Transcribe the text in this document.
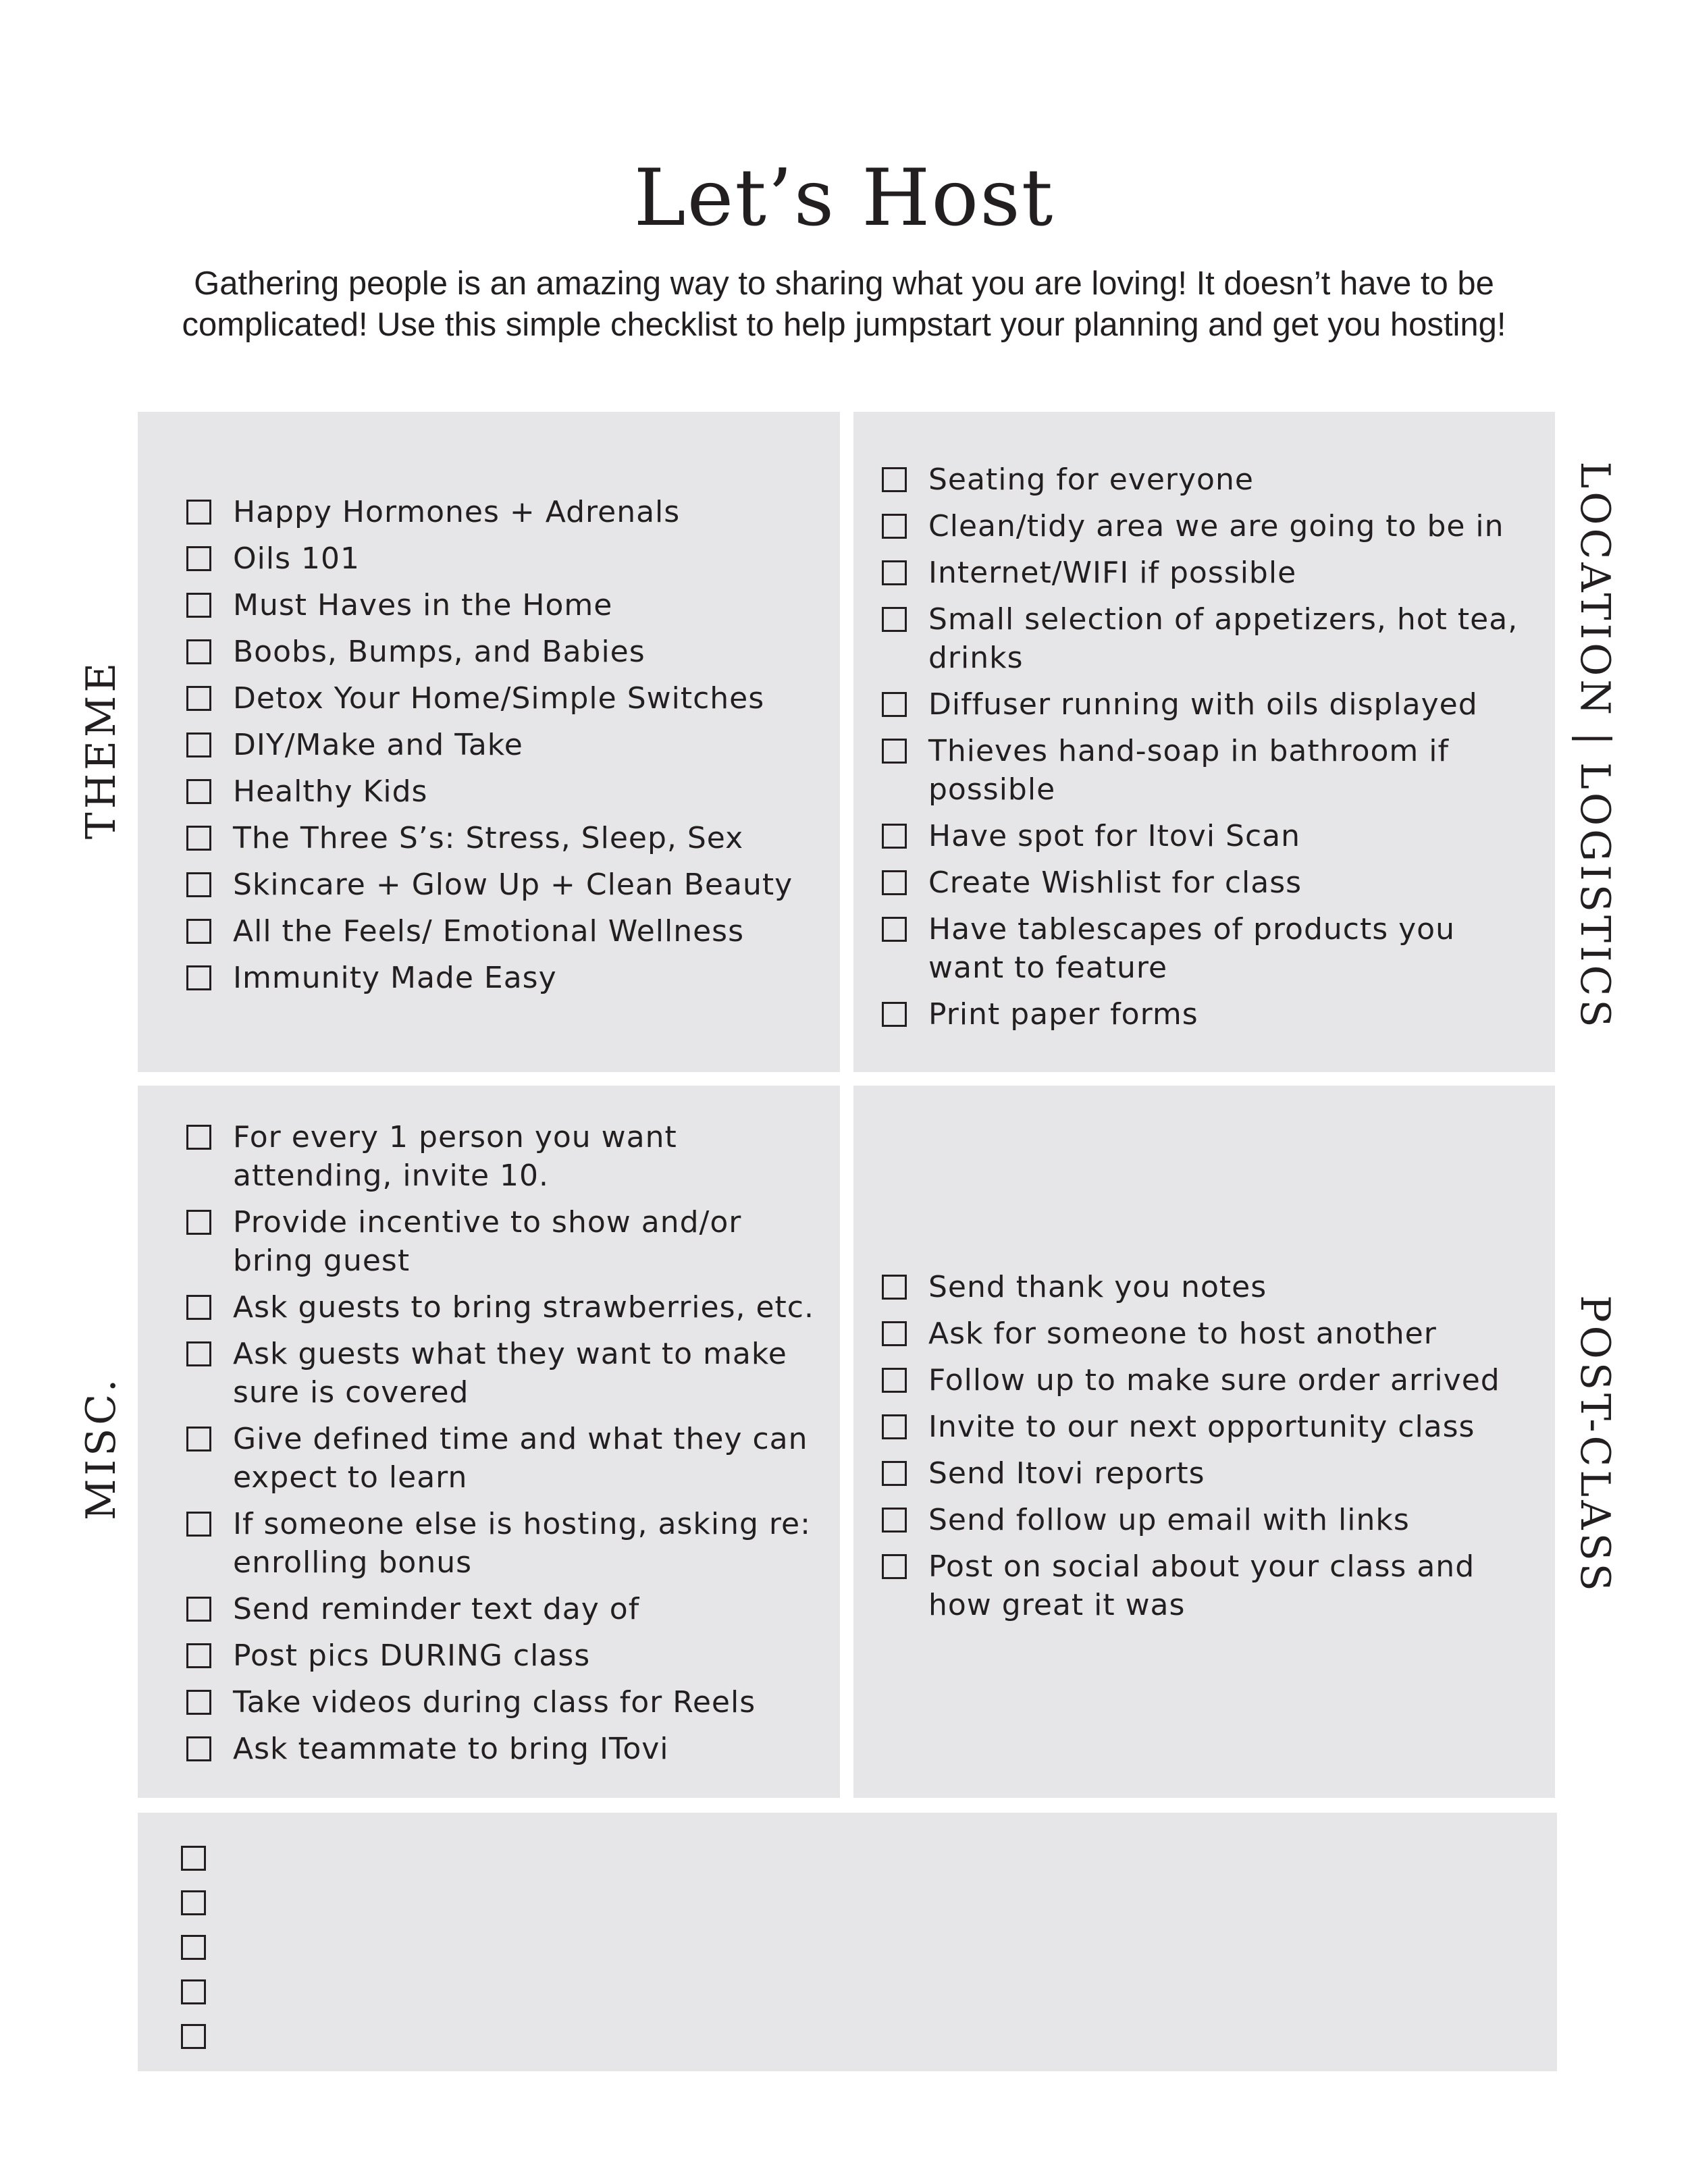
Let’s Host

Gathering people is an amazing way to sharing what you are loving! It doesn’t have to be
complicated! Use this simple checklist to help jumpstart your planning and get you hosting!

THEME
LOCATION|LOGISTICS
MISC.	POST-CLASS
Happy Hormones + Adrenals
Oils 101
Must Haves in the Home
Boobs, Bumps, and Babies
Detox Your Home/Simple Switches
DIY/Make and Take
Healthy Kids
The Three S’s: Stress, Sleep, Sex
Skincare + Glow Up + Clean Beauty
All the Feels/ Emotional Wellness
Immunity Made Easy
Seating for everyone
Clean/tidy area we are going to be in
Internet/WIFI if possible
Small selection of appetizers, hot tea, drinks
Diffuser running with oils displayed
Thieves hand-soap in bathroom if possible
Have spot for Itovi Scan
Create Wishlist for class
Have tablescapes of products you want to feature
Print paper forms
For every 1 person you want attending, invite 10.
Provide incentive to show and/or bring guest
Ask guests to bring strawberries, etc.
Ask guests what they want to make sure is covered
Give defined time and what they can expect to learn
If someone else is hosting, asking re: enrolling bonus
Send reminder text day of
Post pics DURING class
Take videos during class for Reels
Ask teammate to bring ITovi
Send thank you notes
Ask for someone to host another
Follow up to make sure order arrived
Invite to our next opportunity class
Send Itovi reports
Send follow up email with links
Post on social about your class and how great it was
